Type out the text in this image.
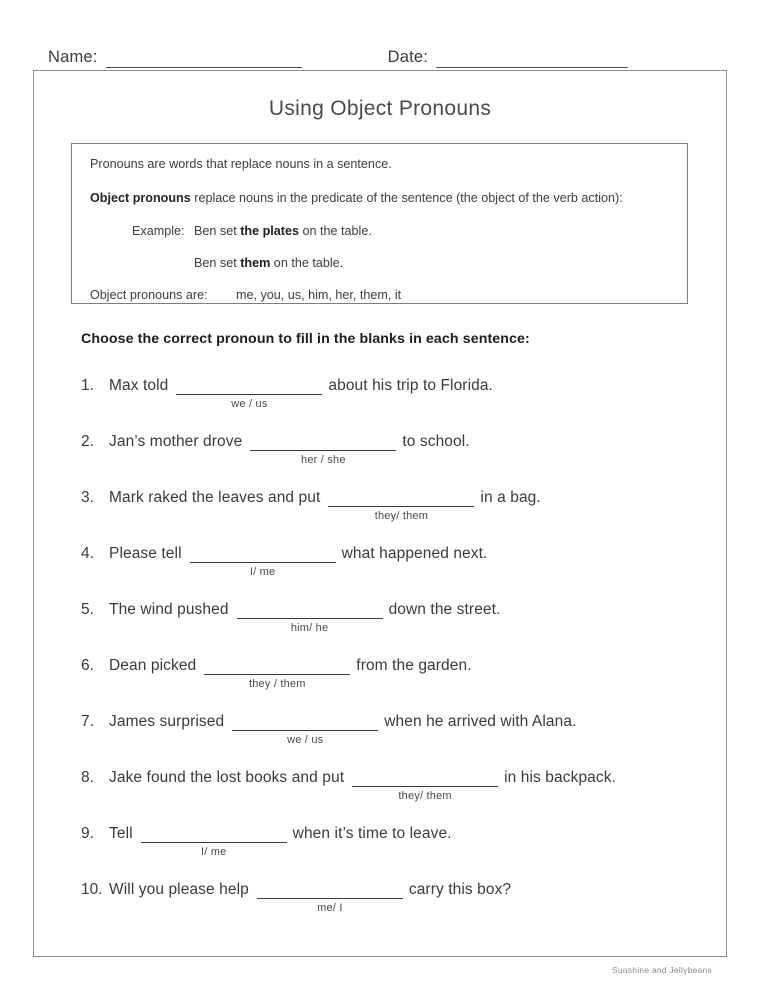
Name:	Date:
Using Object Pronouns
Pronouns are words that replace nouns in a sentence.
Object pronouns replace nouns in the predicate of the sentence (the object of the verb action):
Example: Ben set the plates on the table.
Ben set them on the table.
Object pronouns are:	me, you, us, him, her, them, it
Choose the correct pronoun to fill in the blanks in each sentence:
1. Max told
we / us
about his trip to Florida.
2. Jan’s mother drove
her / she
to school.
3. Mark raked the leaves and put
they/ them
in a bag.
4. Please tell
I/ me
what happened next.
5. The wind pushed
him/ he
down the street.
6. Dean picked
they / them
from the garden.
7. James surprised
we / us
when he arrived with Alana.
8. Jake found the lost books and put
they/ them
in his backpack.
9. Tell
I/ me
when it’s time to leave.
10. Will you please help
me/ I
carry this box?
Sunshine and Jellybeans
